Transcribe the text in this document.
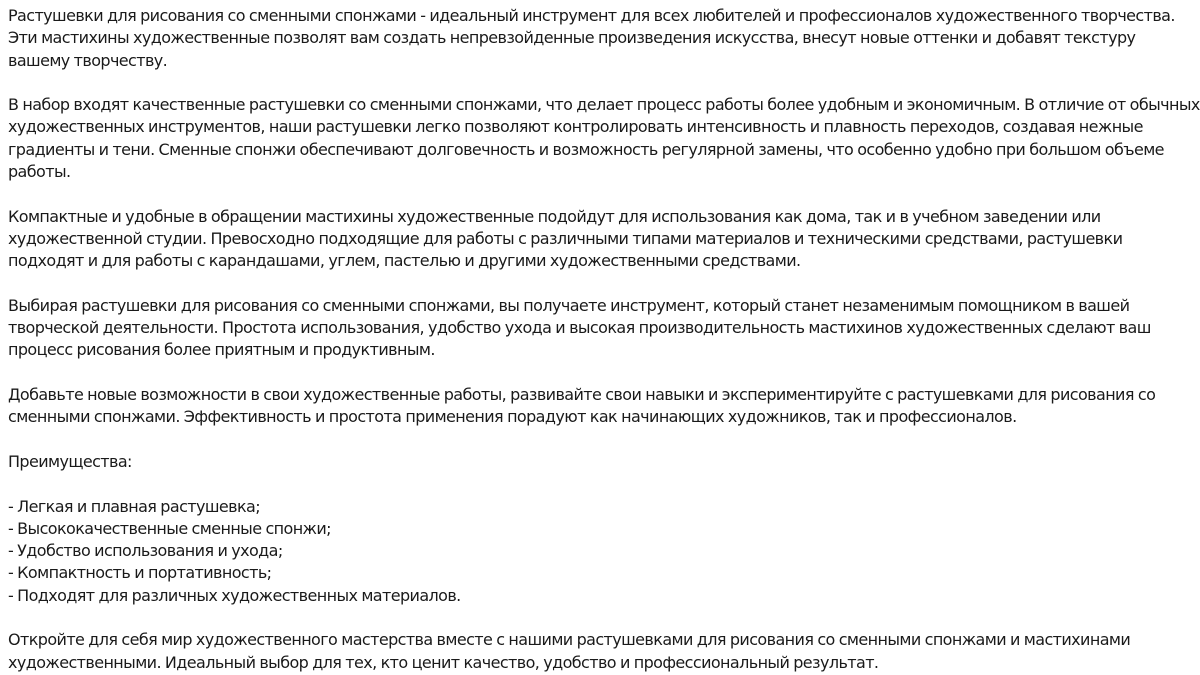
Растушевки для рисования со сменными спонжами - идеальный инструмент для всех любителей и профессионалов художественного творчества. Эти мастихины художественные позволят вам создать непревзойденные произведения искусства, внесут новые оттенки и добавят текстуру вашему творчеству.

В набор входят качественные растушевки со сменными спонжами, что делает процесс работы более удобным и экономичным. В отличие от обычных художественных инструментов, наши растушевки легко позволяют контролировать интенсивность и плавность переходов, создавая нежные градиенты и тени. Сменные спонжи обеспечивают долговечность и возможность регулярной замены, что особенно удобно при большом объеме работы.

Компактные и удобные в обращении мастихины художественные подойдут для использования как дома, так и в учебном заведении или художественной студии. Превосходно подходящие для работы с различными типами материалов и техническими средствами, растушевки подходят и для работы с карандашами, углем, пастелью и другими художественными средствами.

Выбирая растушевки для рисования со сменными спонжами, вы получаете инструмент, который станет незаменимым помощником в вашей творческой деятельности. Простота использования, удобство ухода и высокая производительность мастихинов художественных сделают ваш процесс рисования более приятным и продуктивным.

Добавьте новые возможности в свои художественные работы, развивайте свои навыки и экспериментируйте с растушевками для рисования со сменными спонжами. Эффективность и простота применения порадуют как начинающих художников, так и профессионалов.

Преимущества:

- Легкая и плавная растушевка;
- Высококачественные сменные спонжи;
- Удобство использования и ухода;
- Компактность и портативность;
- Подходят для различных художественных материалов.

Откройте для себя мир художественного мастерства вместе с нашими растушевками для рисования со сменными спонжами и мастихинами художественными. Идеальный выбор для тех, кто ценит качество, удобство и профессиональный результат.
